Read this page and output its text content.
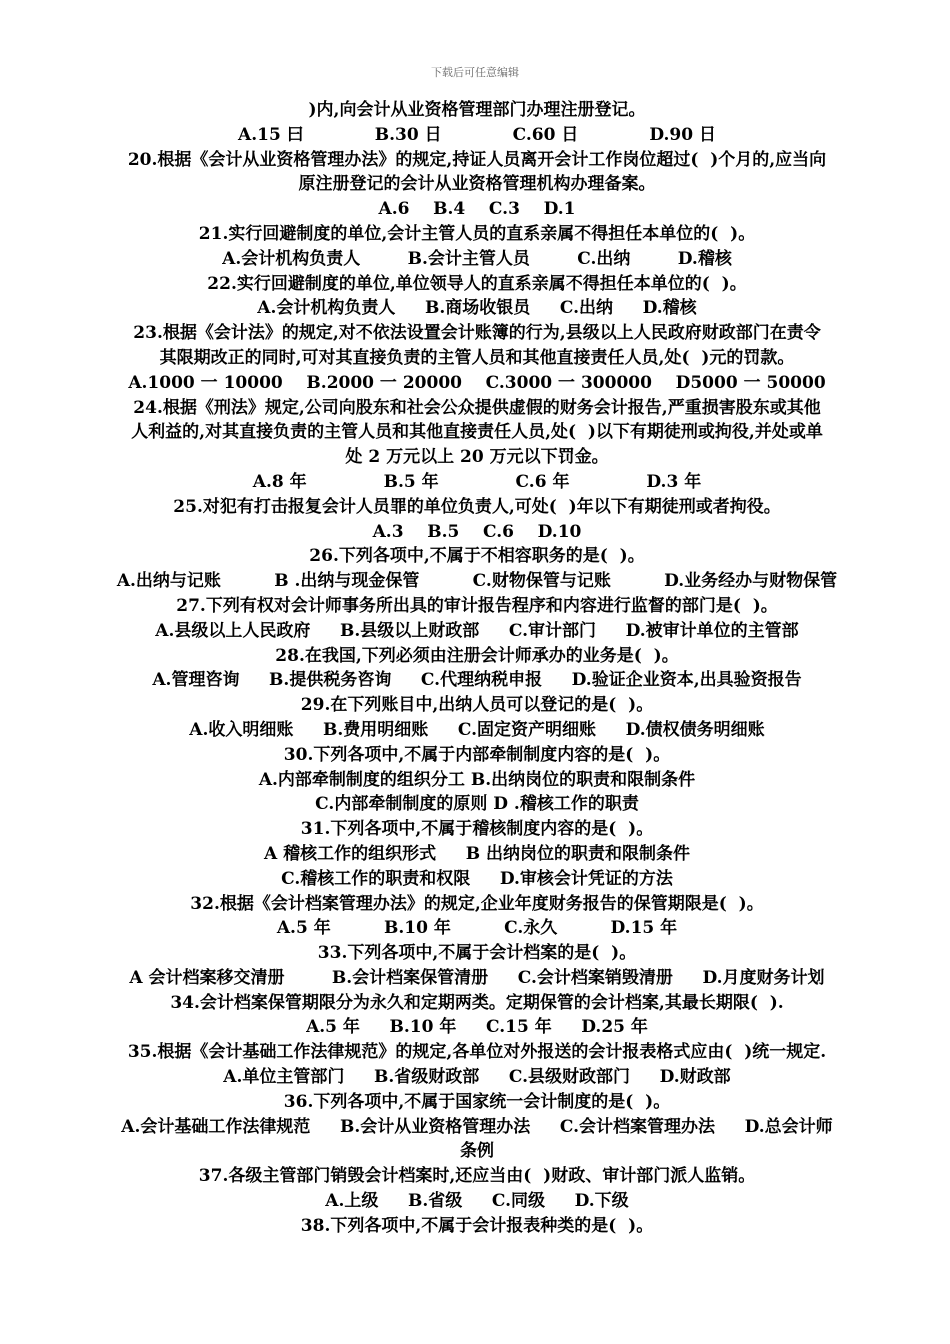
下载后可任意编辑
)内,向会计从业资格管理部门办理注册登记。
A.15 曰            B.30 日            C.60 日            D.90 日
20.根据《会计从业资格管理办法》的规定,持证人员离开会计工作岗位超过(  )个月的,应当向
原注册登记的会计从业资格管理机构办理备案。
A.6    B.4    C.3    D.1
21.实行回避制度的单位,会计主管人员的直系亲属不得担任本单位的(  )。
A.会计机构负责人        B.会计主管人员        C.出纳        D.稽核
22.实行回避制度的单位,单位领导人的直系亲属不得担任本单位的(  )。
A.会计机构负责人     B.商场收银员     C.出纳     D.稽核
23.根据《会计法》的规定,对不依法设置会计账簿的行为,县级以上人民政府财政部门在责令
其限期改正的同时,可对其直接负责的主管人员和其他直接责任人员,处(  )元的罚款。
A.1000 一 10000    B.2000 一 20000    C.3000 一 300000    D5000 一 50000
24.根据《刑法》规定,公司向股东和社会公众提供虚假的财务会计报告,严重损害股东或其他
人利益的,对其直接负责的主管人员和其他直接责任人员,处(  )以下有期徒刑或拘役,并处或单
处 2 万元以上 20 万元以下罚金。
A.8 年             B.5 年             C.6 年             D.3 年
25.对犯有打击报复会计人员罪的单位负责人,可处(  )年以下有期徒刑或者拘役。
A.3    B.5    C.6    D.10
26.下列各项中,不属于不相容职务的是(  )。
A.出纳与记账         B .出纳与现金保管         C.财物保管与记账         D.业务经办与财物保管
27.下列有权对会计师事务所出具的审计报告程序和内容进行监督的部门是(  )。
A.县级以上人民政府     B.县级以上财政部     C.审计部门     D.被审计单位的主管部
28.在我国,下列必须由注册会计师承办的业务是(  )。
A.管理咨询     B.提供税务咨询     C.代理纳税申报     D.验证企业资本,出具验资报告
29.在下列账目中,出纳人员可以登记的是(  )。
A.收入明细账     B.费用明细账     C.固定资产明细账     D.债权债务明细账
30.下列各项中,不属于内部牵制制度内容的是(  )。
A.内部牵制制度的组织分工 B.出纳岗位的职责和限制条件
C.内部牵制制度的原则 D .稽核工作的职责
31.下列各项中,不属于稽核制度内容的是(  )。
A 稽核工作的组织形式     B 出纳岗位的职责和限制条件
C.稽核工作的职责和权限     D.审核会计凭证的方法
32.根据《会计档案管理办法》的规定,企业年度财务报告的保管期限是(  )。
A.5 年         B.10 年         C.永久         D.15 年
33.下列各项中,不属于会计档案的是(  )。
A 会计档案移交清册        B.会计档案保管清册     C.会计档案销毁清册     D.月度财务计划
34.会计档案保管期限分为永久和定期两类。定期保管的会计档案,其最长期限(  ).
A.5 年     B.10 年     C.15 年     D.25 年
35.根据《会计基础工作法律规范》的规定,各单位对外报送的会计报表格式应由(  )统一规定.
A.单位主管部门     B.省级财政部     C.县级财政部门     D.财政部
36.下列各项中,不属于国家统一会计制度的是(  )。
A.会计基础工作法律规范     B.会计从业资格管理办法     C.会计档案管理办法     D.总会计师
条例
37.各级主管部门销毁会计档案时,还应当由(  )财政、审计部门派人监销。
A.上级     B.省级     C.同级     D.下级
38.下列各项中,不属于会计报表种类的是(  )。
